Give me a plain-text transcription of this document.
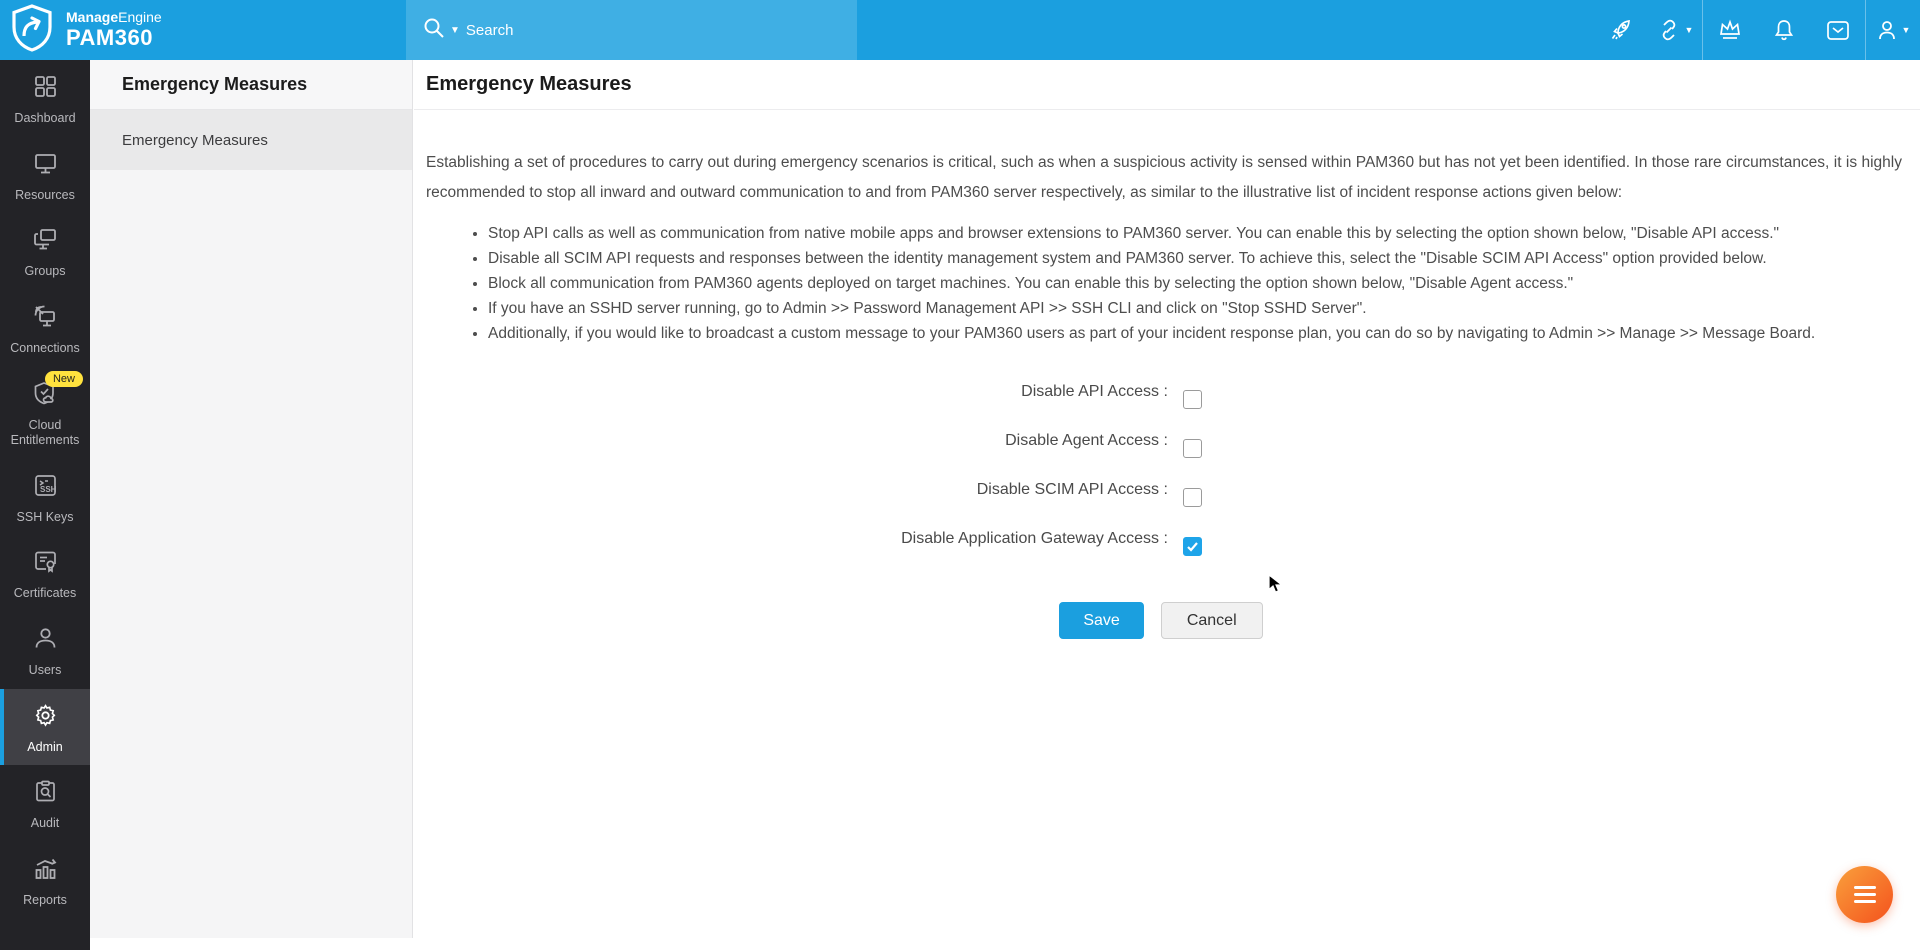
ManageEngine
PAM360	▼
Search	▼	▼
Dashboard
Resources
Groups
Connections
New
Cloud Entitlements
SSH
SSH Keys
Certificates
Users
Admin
Audit
Reports
Emergency Measures
Emergency Measures
Emergency Measures

Establishing a set of procedures to carry out during emergency scenarios is critical, such as when a suspicious activity is sensed within PAM360 but has not yet been identified. In those rare circumstances, it is highly recommended to stop all inward and outward communication to and from PAM360 server respectively, as similar to the illustrative list of incident response actions given below:

• Stop API calls as well as communication from native mobile apps and browser extensions to PAM360 server. You can enable this by selecting the option shown below, "Disable API access."
• Disable all SCIM API requests and responses between the identity management system and PAM360 server. To achieve this, select the "Disable SCIM API Access" option provided below.
• Block all communication from PAM360 agents deployed on target machines. You can enable this by selecting the option shown below, "Disable Agent access."
• If you have an SSHD server running, go to Admin >> Password Management API >> SSH CLI and click on "Stop SSHD Server".
• Additionally, if you would like to broadcast a custom message to your PAM360 users as part of your incident response plan, you can do so by navigating to Admin >> Manage >> Message Board.
Disable API Access :
Disable Agent Access :
Disable SCIM API Access :
Disable Application Gateway Access :
Save	Cancel
